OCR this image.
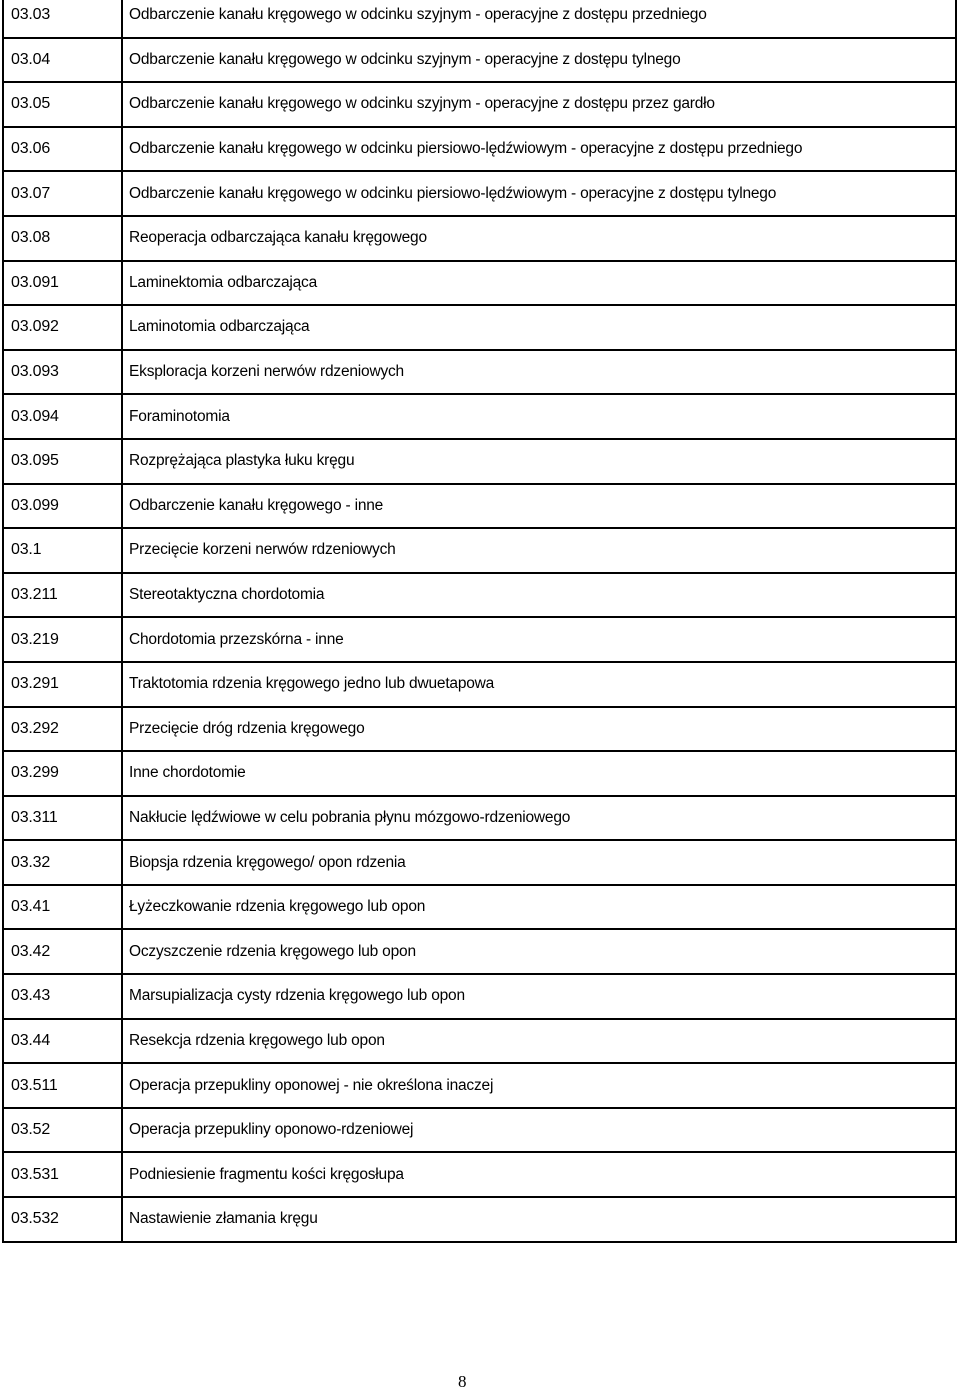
03.03	Odbarczenie kanału kręgowego w odcinku szyjnym - operacyjne z dostępu przedniego
03.04	Odbarczenie kanału kręgowego w odcinku szyjnym - operacyjne z dostępu tylnego
03.05	Odbarczenie kanału kręgowego w odcinku szyjnym - operacyjne z dostępu przez gardło
03.06	Odbarczenie kanału kręgowego w odcinku piersiowo-lędźwiowym - operacyjne z dostępu przedniego
03.07	Odbarczenie kanału kręgowego w odcinku piersiowo-lędźwiowym - operacyjne z dostępu tylnego
03.08	Reoperacja odbarczająca kanału kręgowego
03.091	Laminektomia odbarczająca
03.092	Laminotomia odbarczająca
03.093	Eksploracja korzeni nerwów rdzeniowych
03.094	Foraminotomia
03.095	Rozprężająca plastyka łuku kręgu
03.099	Odbarczenie kanału kręgowego - inne
03.1	Przecięcie korzeni nerwów rdzeniowych
03.211	Stereotaktyczna chordotomia
03.219	Chordotomia przezskórna - inne
03.291	Traktotomia rdzenia kręgowego jedno lub dwuetapowa
03.292	Przecięcie dróg rdzenia kręgowego
03.299	Inne chordotomie
03.311	Nakłucie lędźwiowe w celu pobrania płynu mózgowo-rdzeniowego
03.32	Biopsja rdzenia kręgowego/ opon rdzenia
03.41	Łyżeczkowanie rdzenia kręgowego lub opon
03.42	Oczyszczenie rdzenia kręgowego lub opon
03.43	Marsupializacja cysty rdzenia kręgowego lub opon
03.44	Resekcja rdzenia kręgowego lub opon
03.511	Operacja przepukliny oponowej - nie określona inaczej
03.52	Operacja przepukliny oponowo-rdzeniowej
03.531	Podniesienie fragmentu kości kręgosłupa
03.532	Nastawienie złamania kręgu
8
